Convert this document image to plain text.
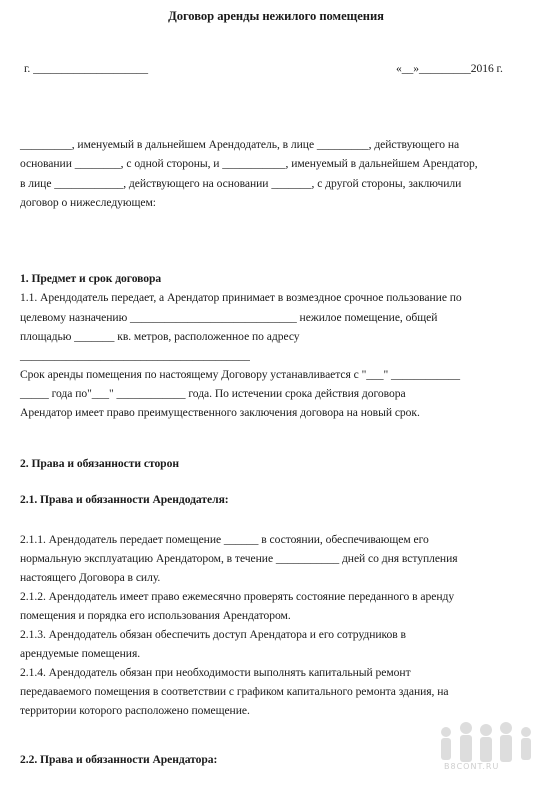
Договор аренды нежилого помещения
г. ____________________	«__»_________2016 г.
_________, именуемый в дальнейшем Арендодатель, в лице _________, действующего на
основании ________, с одной стороны, и ___________, именуемый в дальнейшем Арендатор,
в лице ____________, действующего на основании _______, с другой стороны, заключили
договор о нижеследующем:
1. Предмет и срок договора
1.1. Арендодатель передает, а Арендатор принимает в возмездное срочное пользование по
целевому назначению _____________________________ нежилое помещение, общей
площадью _______ кв. метров, расположенное по адресу
________________________________________
Срок аренды помещения по настоящему Договору устанавливается с "___" ____________
_____ года по"___" ____________ года. По истечении срока действия договора
Арендатор имеет право преимущественного заключения договора на новый срок.
2. Права и обязанности сторон
2.1. Права и обязанности Арендодателя:
2.1.1. Арендодатель передает помещение ______ в состоянии, обеспечивающем его
нормальную эксплуатацию Арендатором, в течение ___________ дней со дня вступления
настоящего Договора в силу.
2.1.2. Арендодатель имеет право ежемесячно проверять состояние переданного в аренду
помещения и порядка его использования Арендатором.
2.1.3. Арендодатель обязан обеспечить доступ Арендатора и его сотрудников в
арендуемые помещения.
2.1.4. Арендодатель обязан при необходимости выполнять капитальный ремонт
передаваемого помещения в соответствии с графиком капитального ремонта здания, на
территории которого расположено помещение.
2.2. Права и обязанности Арендатора:
B8CONT.RU
